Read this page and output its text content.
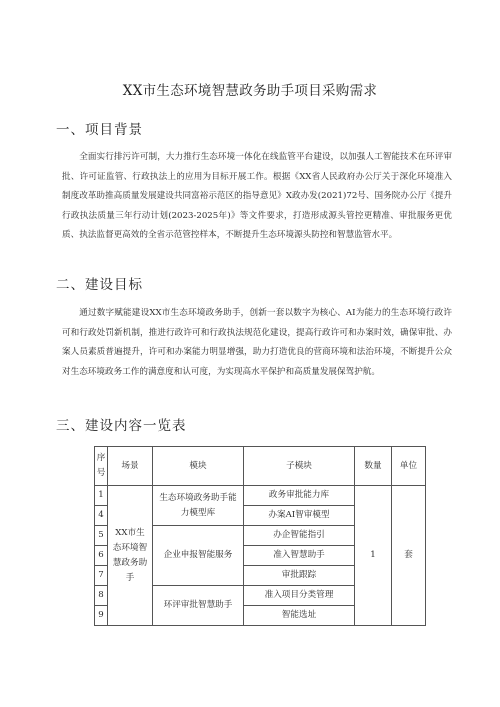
XX市生态环境智慧政务助手项目采购需求
一、项目背景
全面实行排污许可制，大力推行生态环境一体化在线监管平台建设，以加强人工智能技术在环评审批、许可证监管、行政执法上的应用为目标开展工作。根据《XX省人民政府办公厅关于深化环境准入制度改革助推高质量发展建设共同富裕示范区的指导意见》X政办发(2021)72号、国务院办公厅《提升行政执法质量三年行动计划(2023-2025年)》等文件要求，打造形成源头管控更精准、审批服务更优质、执法监督更高效的全省示范管控样本，不断提升生态环境源头防控和智慧监管水平。
二、建设目标
通过数字赋能建设XX市生态环境政务助手，创新一套以数字为核心、AI为能力的生态环境行政许可和行政处罚新机制，推进行政许可和行政执法规范化建设，提高行政许可和办案时效，确保审批、办案人员素质普遍提升，许可和办案能力明显增强，助力打造优良的营商环境和法治环境，不断提升公众对生态环境政务工作的满意度和认可度，为实现高水平保护和高质量发展保驾护航。
三、建设内容一览表
序号	场景	模块	子模块	数量	单位
1	XX市生态环境智慧政务助手	生态环境政务助手能力模型库	政务审批能力库	1	套
4			办案AI智审模型		
5		企业申报智能服务	办企智能指引		
6			准入智慧助手		
7			审批跟踪		
8		环评审批智慧助手	准入项目分类管理		
9			智能选址		
